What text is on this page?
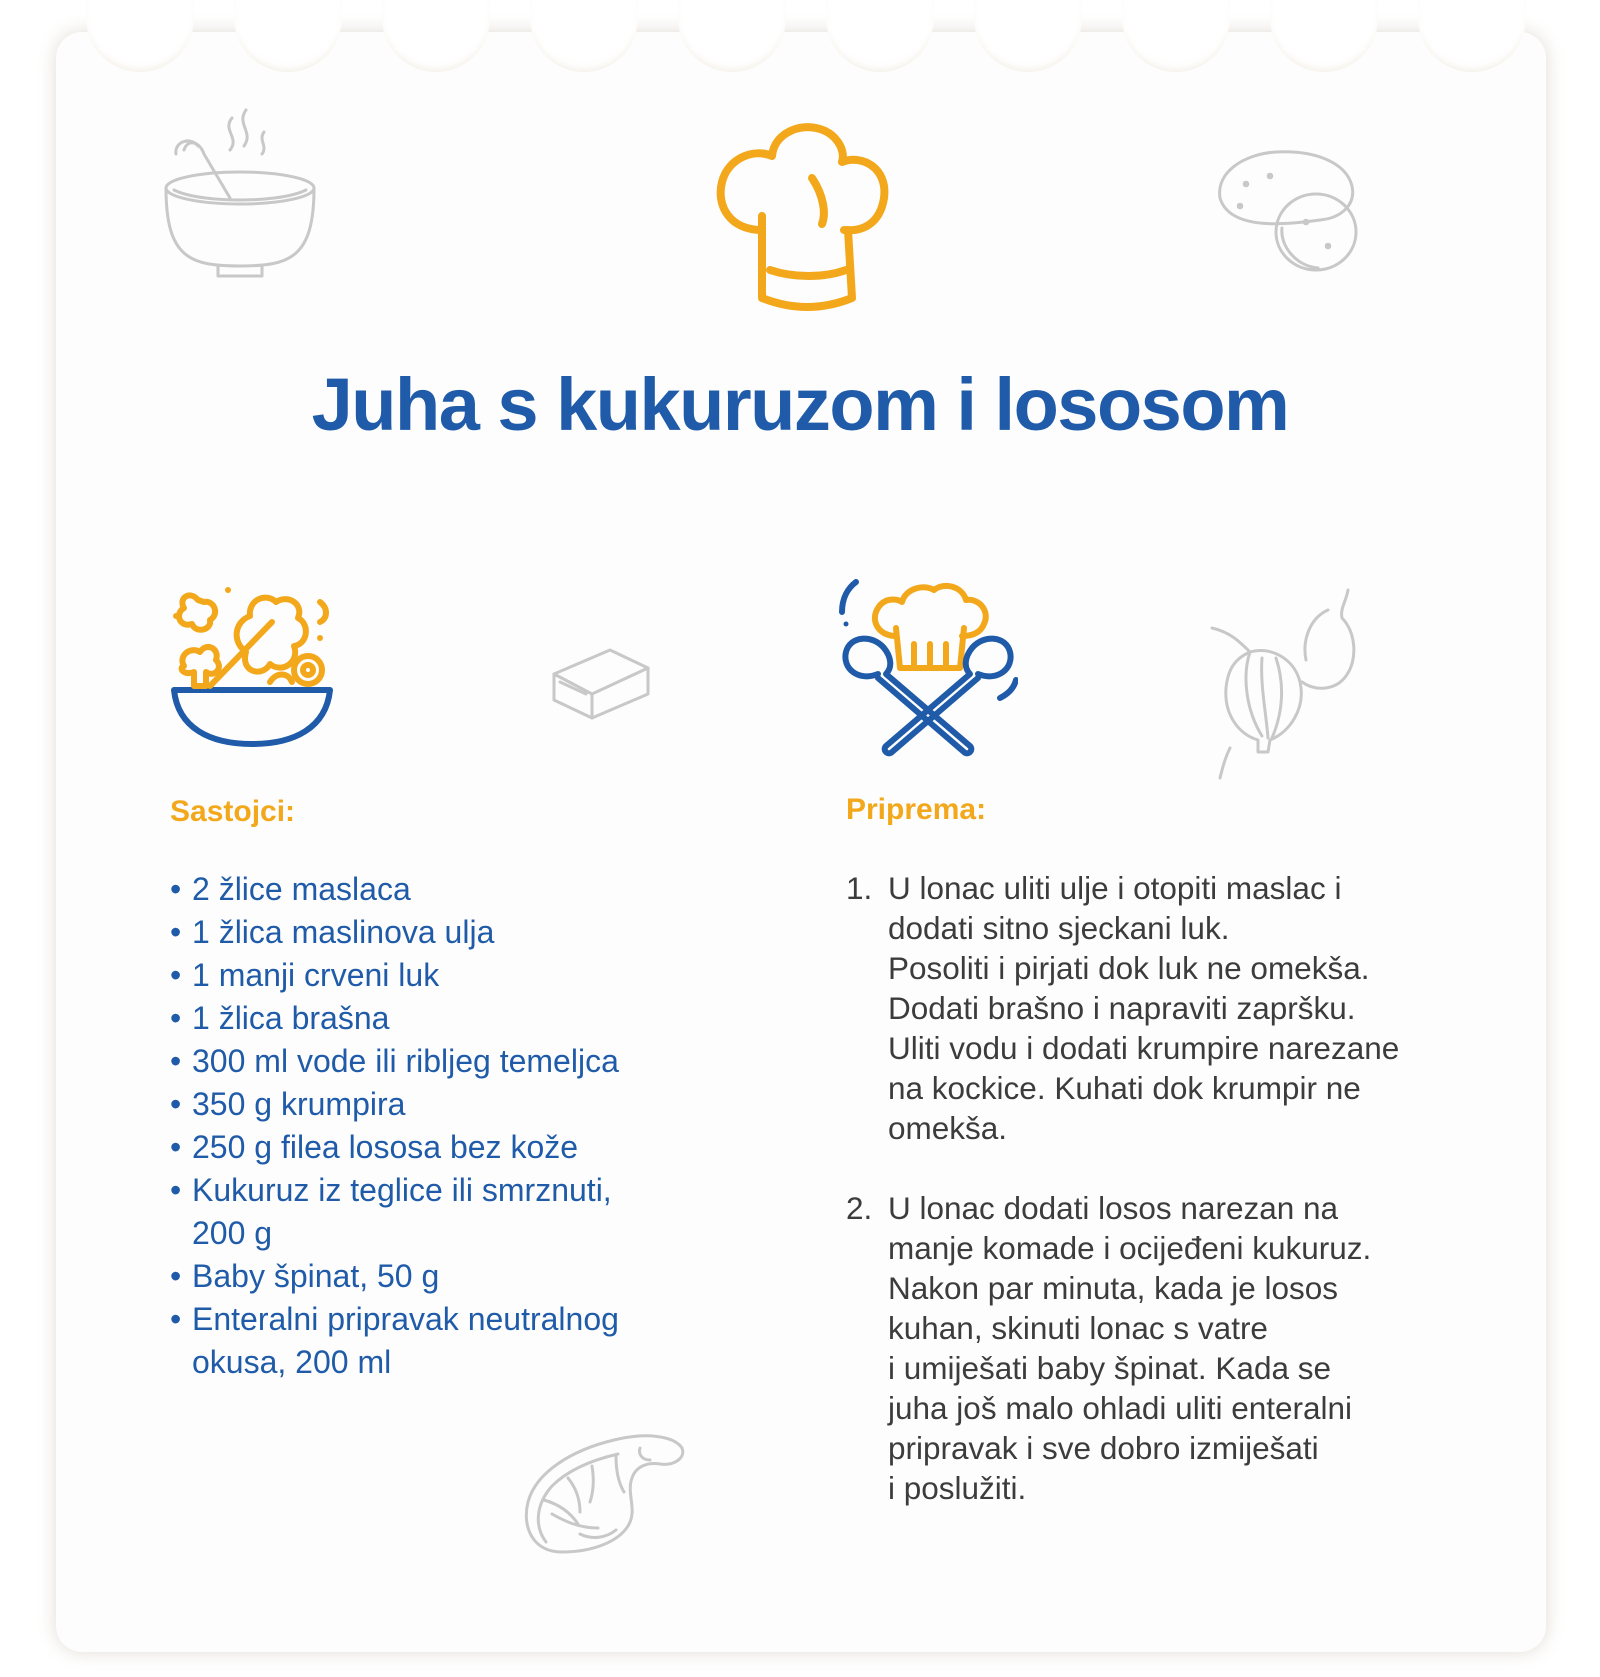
Juha s kukuruzom i lososom
Sastojci:
• 2 žlice maslaca
• 1 žlica maslinova ulja
• 1 manji crveni luk
• 1 žlica brašna
• 300 ml vode ili ribljeg temeljca
• 350 g krumpira
• 250 g filea lososa bez kože
• Kukuruz iz teglice ili smrznuti,
200 g
• Baby špinat, 50 g
• Enteralni pripravak neutralnog
okusa, 200 ml
Priprema:
1. U lonac uliti ulje i otopiti maslac i
dodati sitno sjeckani luk.
Posoliti i pirjati dok luk ne omekša.
Dodati brašno i napraviti zapršku.
Uliti vodu i dodati krumpire narezane
na kockice. Kuhati dok krumpir ne
omekša.
2. U lonac dodati losos narezan na
manje komade i ocijeđeni kukuruz.
Nakon par minuta, kada je losos
kuhan, skinuti lonac s vatre
i umiješati baby špinat. Kada se
juha još malo ohladi uliti enteralni
pripravak i sve dobro izmiješati
i poslužiti.
